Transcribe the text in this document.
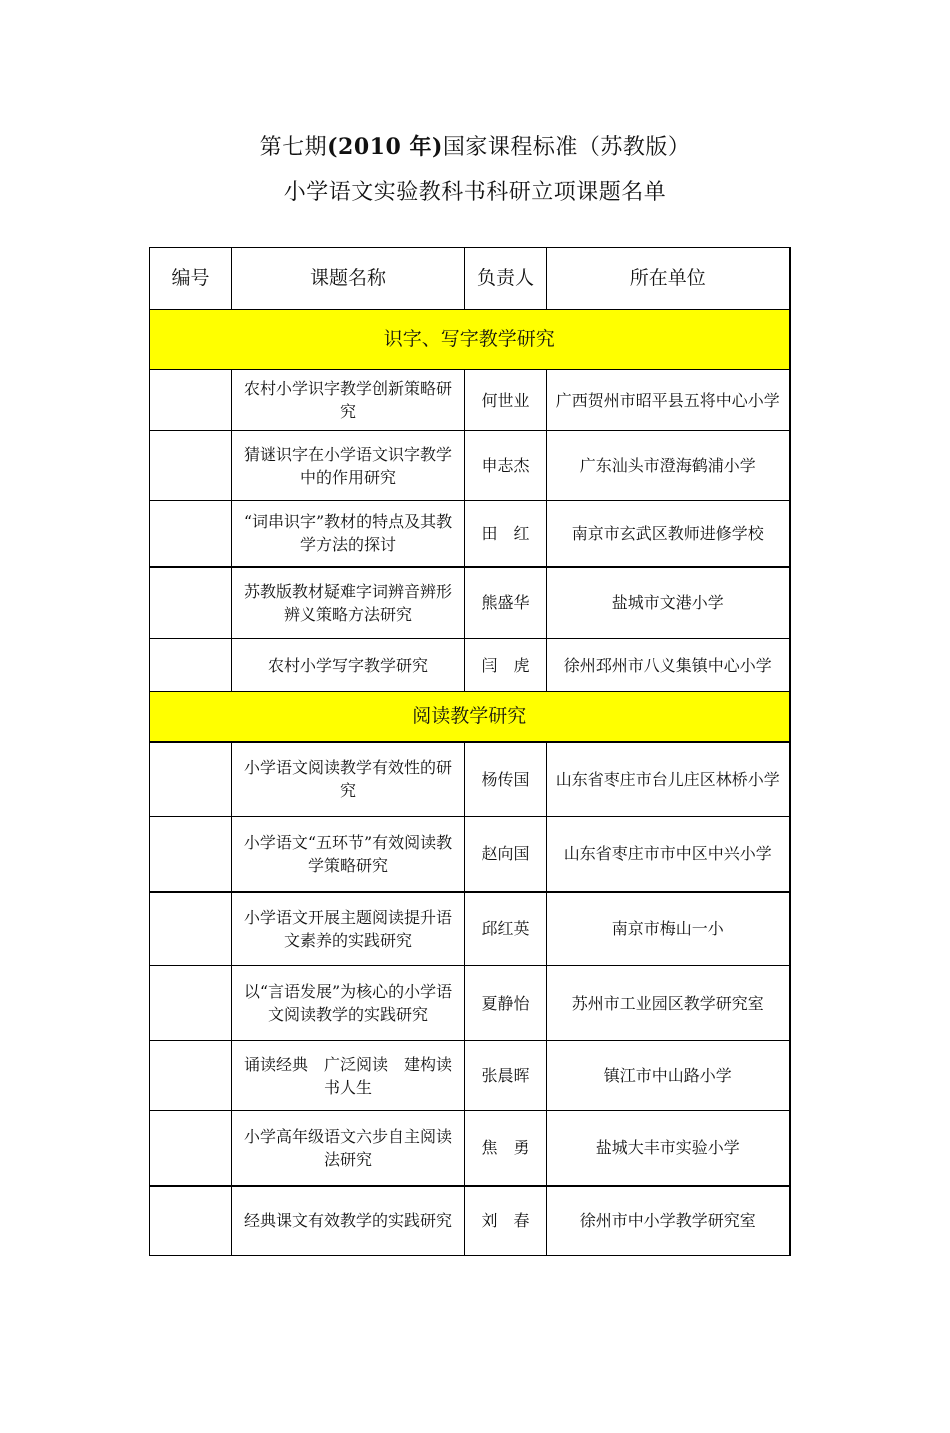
第七期(2010 年)国家课程标准（苏教版）
小学语文实验教科书科研立项课题名单
编号	课题名称	负责人	所在单位
识字、写字教学研究			
	农村小学识字教学创新策略研究	何世业	广西贺州市昭平县五将中心小学
	猜谜识字在小学语文识字教学中的作用研究	申志杰	广东汕头市澄海鹤浦小学
	“词串识字”教材的特点及其教学方法的探讨	田　红	南京市玄武区教师进修学校
	苏教版教材疑难字词辨音辨形辨义策略方法研究	熊盛华	盐城市文港小学
	农村小学写字教学研究	闫　虎	徐州邳州市八义集镇中心小学
阅读教学研究			
	小学语文阅读教学有效性的研究	杨传国	山东省枣庄市台儿庄区林桥小学
	小学语文“五环节”有效阅读教学策略研究	赵向国	山东省枣庄市市中区中兴小学
	小学语文开展主题阅读提升语文素养的实践研究	邱红英	南京市梅山一小
	以“言语发展”为核心的小学语文阅读教学的实践研究	夏静怡	苏州市工业园区教学研究室
	诵读经典　广泛阅读　建构读书人生	张晨晖	镇江市中山路小学
	小学高年级语文六步自主阅读法研究	焦　勇	盐城大丰市实验小学
	经典课文有效教学的实践研究	刘　春	徐州市中小学教学研究室
